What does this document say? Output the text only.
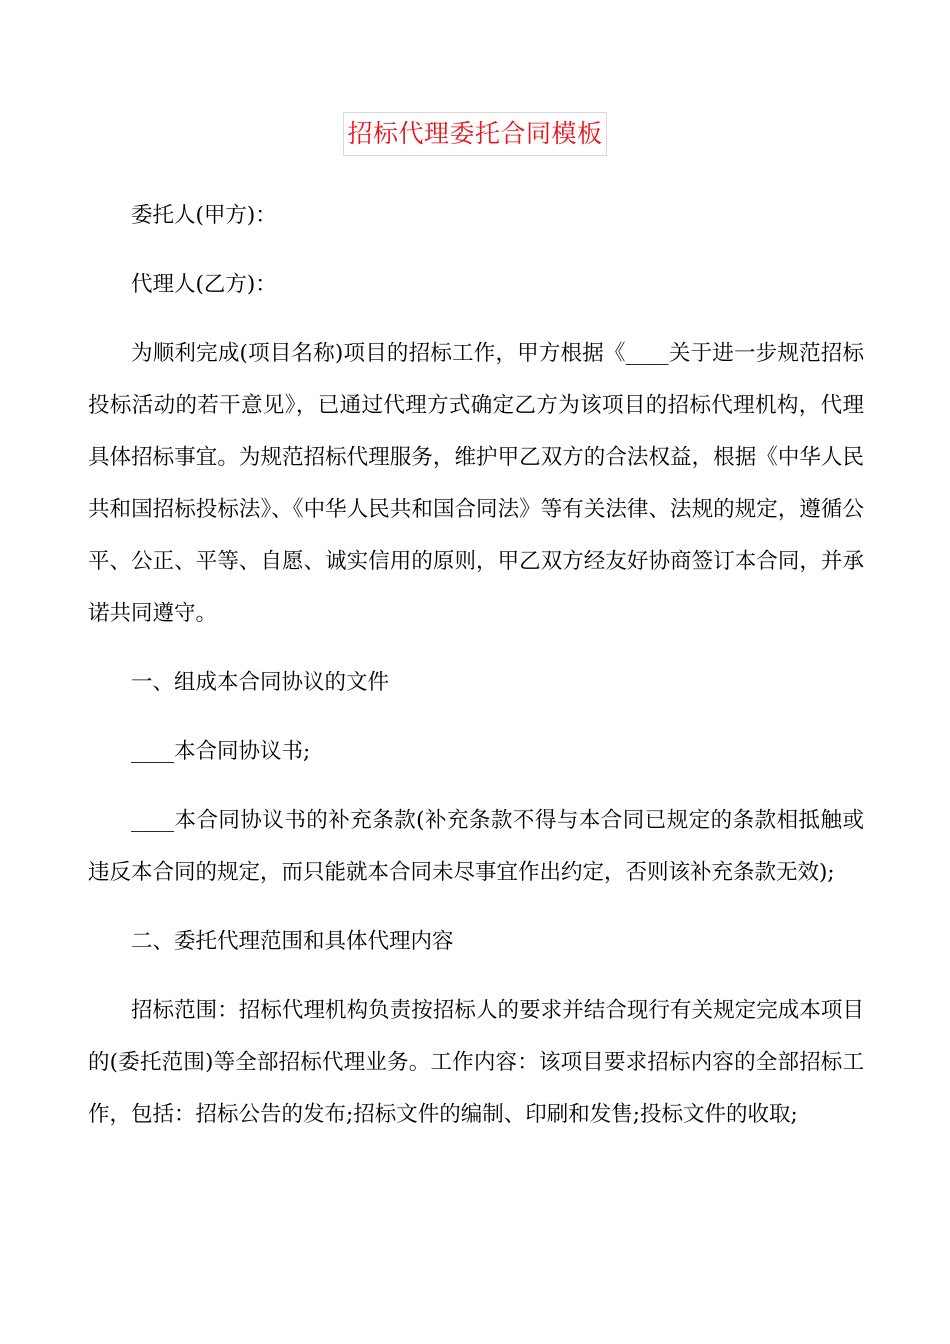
招标代理委托合同模板

委托人(甲方)：

代理人(乙方)：

为顺利完成(项目名称)项目的招标工作，甲方根据《____关于进一步规范招标投标活动的若干意见》，已通过代理方式确定乙方为该项目的招标代理机构，代理具体招标事宜。为规范招标代理服务，维护甲乙双方的合法权益，根据《中华人民共和国招标投标法》、《中华人民共和国合同法》等有关法律、法规的规定，遵循公平、公正、平等、自愿、诚实信用的原则，甲乙双方经友好协商签订本合同，并承诺共同遵守。

一、组成本合同协议的文件

____本合同协议书;

____本合同协议书的补充条款(补充条款不得与本合同已规定的条款相抵触或违反本合同的规定，而只能就本合同未尽事宜作出约定，否则该补充条款无效);

二、委托代理范围和具体代理内容

招标范围：招标代理机构负责按招标人的要求并结合现行有关规定完成本项目的(委托范围)等全部招标代理业务。工作内容：该项目要求招标内容的全部招标工作，包括：招标公告的发布;招标文件的编制、印刷和发售;投标文件的收取;
